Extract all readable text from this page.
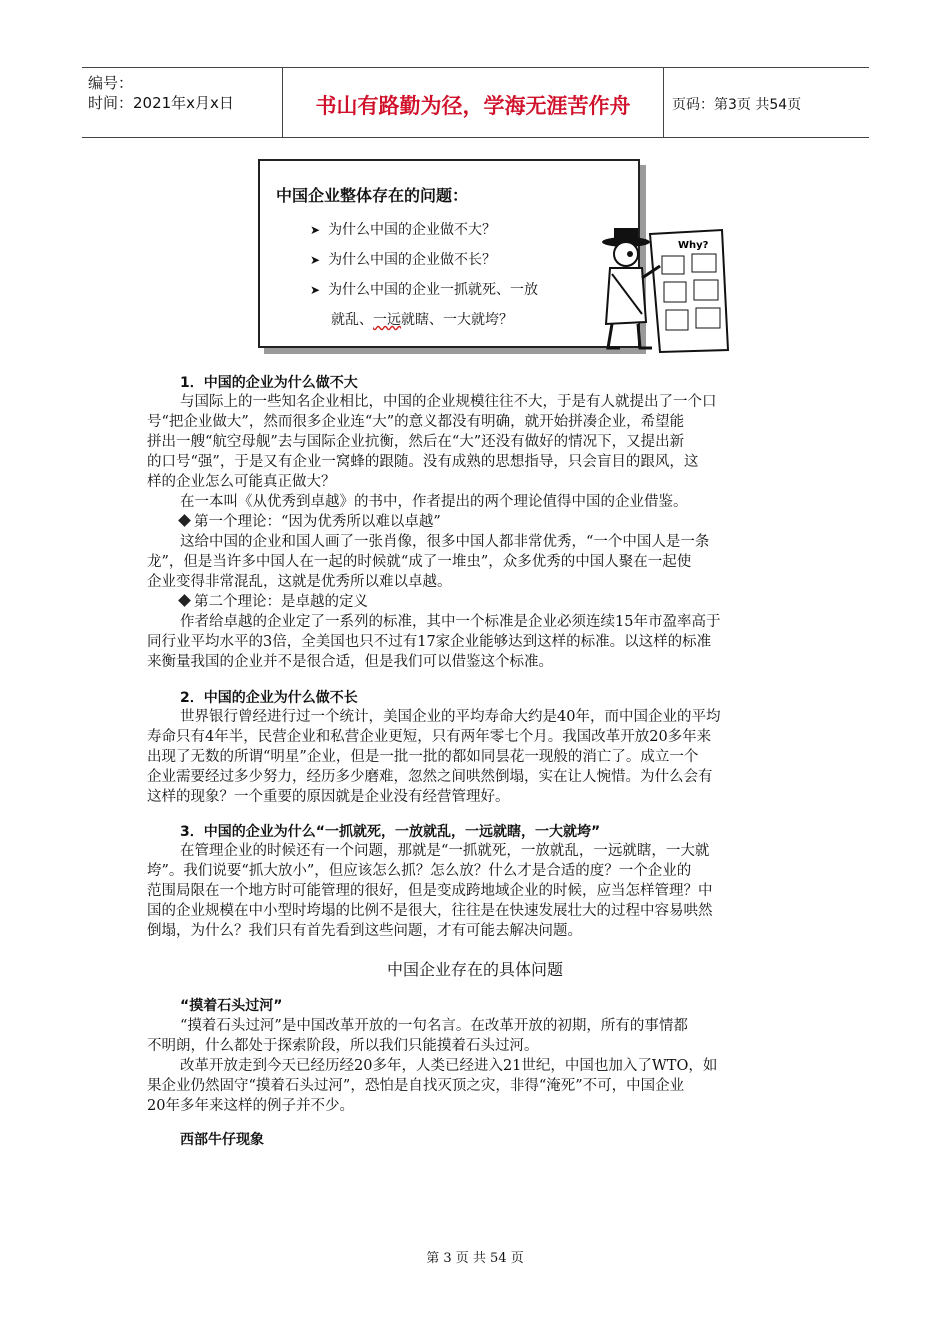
编号：
时间：2021年x月x日	书山有路勤为径，学海无涯苦作舟	页码：第3页 共54页
中国企业整体存在的问题：
➤ 为什么中国的企业做不大？
➤ 为什么中国的企业做不长？
➤ 为什么中国的企业一抓就死、一放
就乱、一远就瞎、一大就垮？
Why?
1．中国的企业为什么做不大
与国际上的一些知名企业相比，中国的企业规模往往不大，于是有人就提出了一个口
号“把企业做大”，然而很多企业连“大”的意义都没有明确，就开始拼凑企业，希望能
拼出一艘“航空母舰”去与国际企业抗衡，然后在“大”还没有做好的情况下，又提出新
的口号“强”，于是又有企业一窝蜂的跟随。没有成熟的思想指导，只会盲目的跟风，这
样的企业怎么可能真正做大？
在一本叫《从优秀到卓越》的书中，作者提出的两个理论值得中国的企业借鉴。
第一个理论：“因为优秀所以难以卓越”
这给中国的企业和国人画了一张肖像，很多中国人都非常优秀，“一个中国人是一条
龙”，但是当许多中国人在一起的时候就“成了一堆虫”，众多优秀的中国人聚在一起使
企业变得非常混乱，这就是优秀所以难以卓越。
第二个理论：是卓越的定义
作者给卓越的企业定了一系列的标准，其中一个标准是企业必须连续15年市盈率高于
同行业平均水平的3倍，全美国也只不过有17家企业能够达到这样的标准。以这样的标准
来衡量我国的企业并不是很合适，但是我们可以借鉴这个标准。
2．中国的企业为什么做不长
世界银行曾经进行过一个统计，美国企业的平均寿命大约是40年，而中国企业的平均
寿命只有4年半，民营企业和私营企业更短，只有两年零七个月。我国改革开放20多年来
出现了无数的所谓“明星”企业，但是一批一批的都如同昙花一现般的消亡了。成立一个
企业需要经过多少努力，经历多少磨难，忽然之间哄然倒塌，实在让人惋惜。为什么会有
这样的现象？一个重要的原因就是企业没有经营管理好。
3．中国的企业为什么“一抓就死，一放就乱，一远就瞎，一大就垮”
在管理企业的时候还有一个问题，那就是“一抓就死，一放就乱，一远就瞎，一大就
垮”。我们说要“抓大放小”，但应该怎么抓？怎么放？什么才是合适的度？一个企业的
范围局限在一个地方时可能管理的很好，但是变成跨地域企业的时候，应当怎样管理？中
国的企业规模在中小型时垮塌的比例不是很大，往往是在快速发展壮大的过程中容易哄然
倒塌，为什么？我们只有首先看到这些问题，才有可能去解决问题。
中国企业存在的具体问题
“摸着石头过河”
“摸着石头过河”是中国改革开放的一句名言。在改革开放的初期，所有的事情都
不明朗，什么都处于探索阶段，所以我们只能摸着石头过河。
改革开放走到今天已经历经20多年，人类已经进入21世纪，中国也加入了WTO，如
果企业仍然固守“摸着石头过河”，恐怕是自找灭顶之灾，非得“淹死”不可，中国企业
20年多年来这样的例子并不少。
西部牛仔现象
第 3 页 共 54 页
